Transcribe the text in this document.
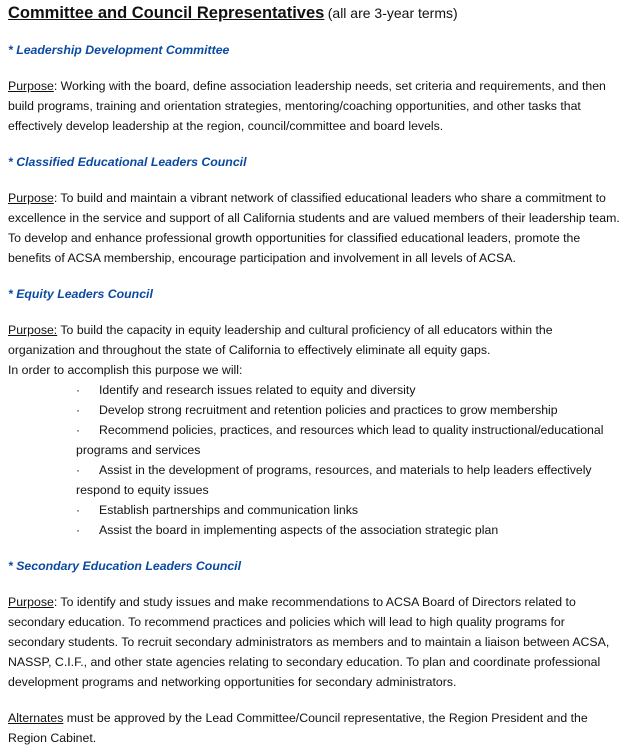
Committee and Council Representatives (all are 3-year terms)
* Leadership Development Committee
Purpose: Working with the board, define association leadership needs, set criteria and requirements, and then build programs, training and orientation strategies, mentoring/coaching opportunities, and other tasks that effectively develop leadership at the region, council/committee and board levels.
* Classified Educational Leaders Council
Purpose: To build and maintain a vibrant network of classified educational leaders who share a commitment to excellence in the service and support of all California students and are valued members of their leadership team. To develop and enhance professional growth opportunities for classified educational leaders, promote the benefits of ACSA membership, encourage participation and involvement in all levels of ACSA.
* Equity Leaders Council
Purpose: To build the capacity in equity leadership and cultural proficiency of all educators within the organization and throughout the state of California to effectively eliminate all equity gaps.
In order to accomplish this purpose we will:
·	Identify and research issues related to equity and diversity
·	Develop strong recruitment and retention policies and practices to grow membership
·	Recommend policies, practices, and resources which lead to quality instructional/educational programs and services
·	Assist in the development of programs, resources, and materials to help leaders effectively respond to equity issues
·	Establish partnerships and communication links
·	Assist the board in implementing aspects of the association strategic plan
* Secondary Education Leaders Council
Purpose: To identify and study issues and make recommendations to ACSA Board of Directors related to secondary education. To recommend practices and policies which will lead to high quality programs for secondary students. To recruit secondary administrators as members and to maintain a liaison between ACSA, NASSP, C.I.F., and other state agencies relating to secondary education. To plan and coordinate professional development programs and networking opportunities for secondary administrators.
Alternates must be approved by the Lead Committee/Council representative, the Region President and the Region Cabinet.
